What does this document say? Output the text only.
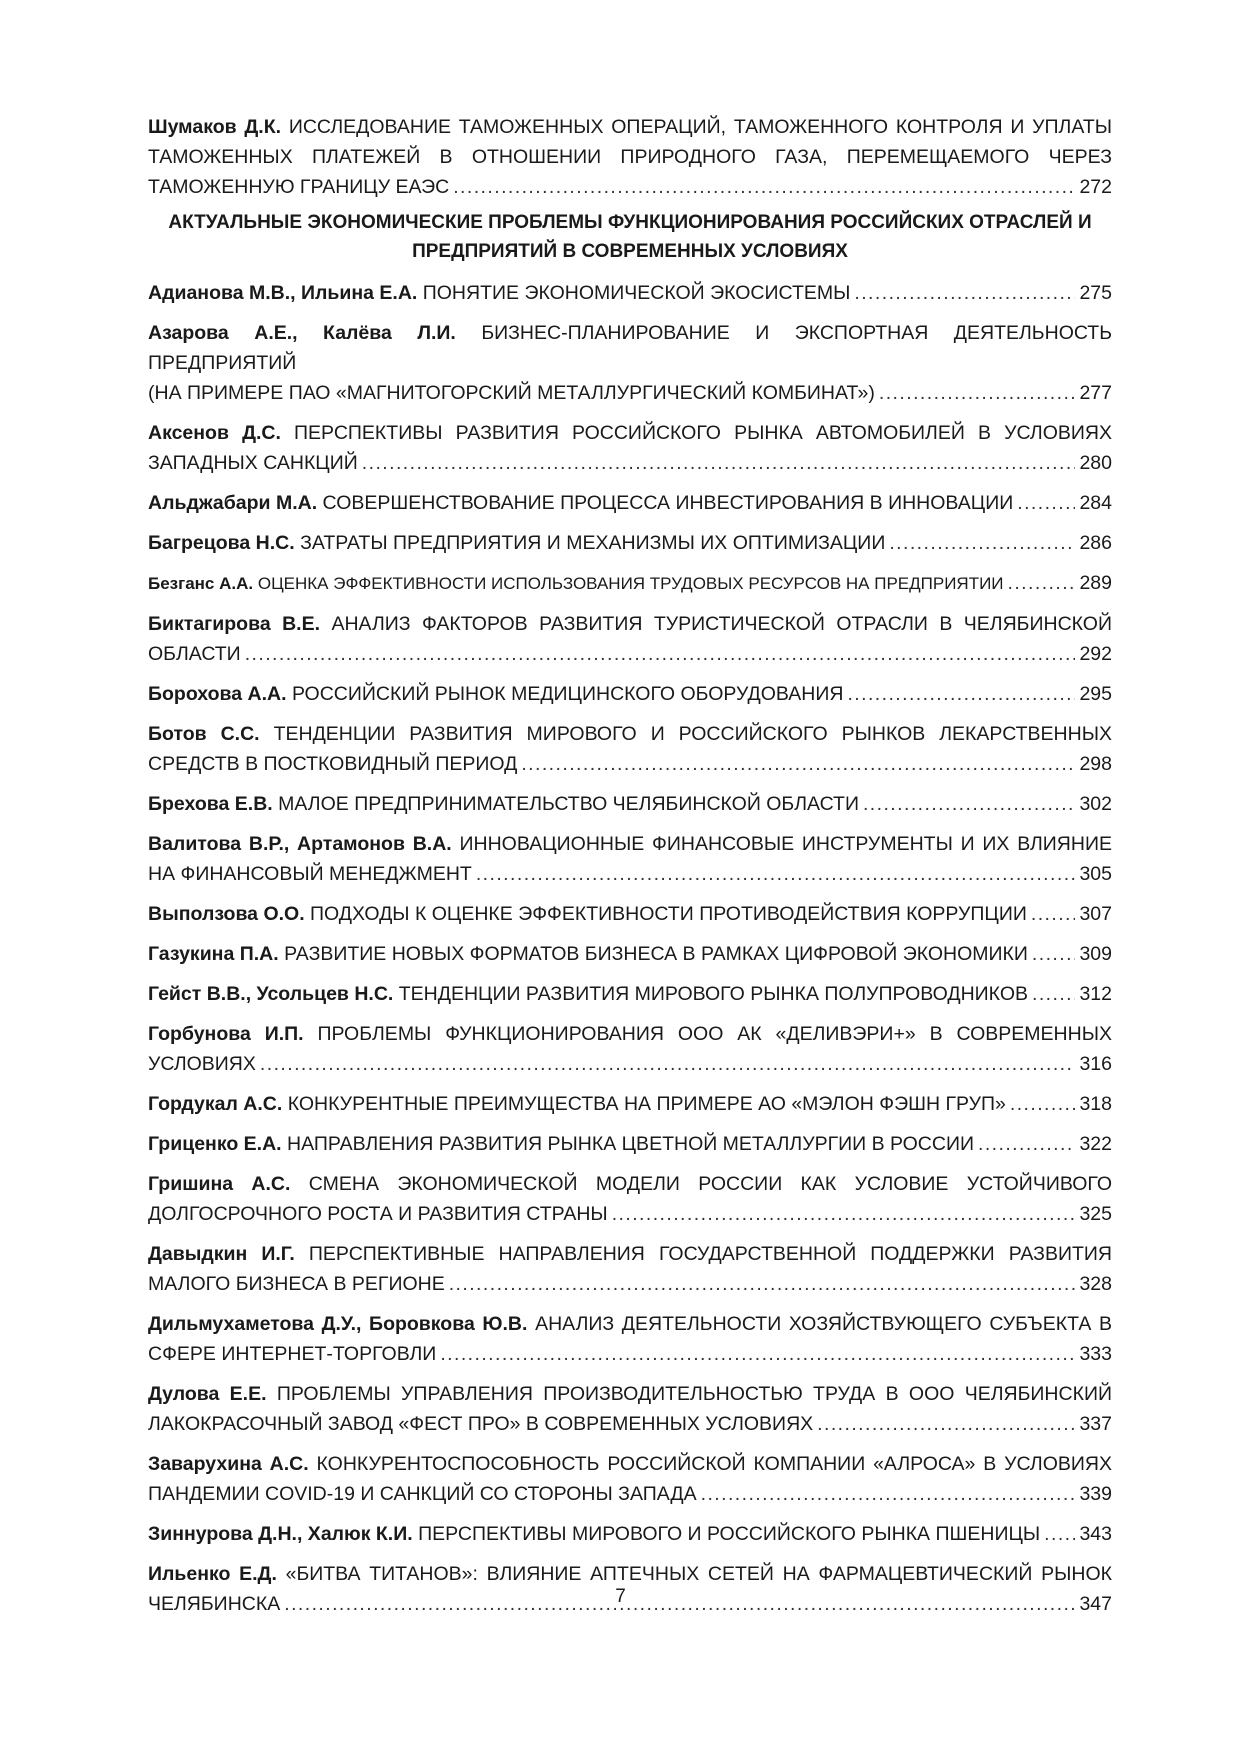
Шумаков Д.К. ИССЛЕДОВАНИЕ ТАМОЖЕННЫХ ОПЕРАЦИЙ, ТАМОЖЕННОГО КОНТРОЛЯ И УПЛАТЫ
ТАМОЖЕННЫХ ПЛАТЕЖЕЙ В ОТНОШЕНИИ ПРИРОДНОГО ГАЗА, ПЕРЕМЕЩАЕМОГО ЧЕРЕЗ
ТАМОЖЕННУЮ ГРАНИЦУ ЕАЭС . . .	272
АКТУАЛЬНЫЕ ЭКОНОМИЧЕСКИЕ ПРОБЛЕМЫ ФУНКЦИОНИРОВАНИЯ РОССИЙСКИХ ОТРАСЛЕЙ И
ПРЕДПРИЯТИЙ В СОВРЕМЕННЫХ УСЛОВИЯХ
Адианова М.В., Ильина Е.А. ПОНЯТИЕ ЭКОНОМИЧЕСКОЙ ЭКОСИСТЕМЫ . . .	275
Азарова А.Е., Калёва Л.И. БИЗНЕС-ПЛАНИРОВАНИЕ И ЭКСПОРТНАЯ ДЕЯТЕЛЬНОСТЬ ПРЕДПРИЯТИЙ
(НА ПРИМЕРЕ ПАО «МАГНИТОГОРСКИЙ МЕТАЛЛУРГИЧЕСКИЙ КОМБИНАТ») . . .	277
Аксенов Д.С. ПЕРСПЕКТИВЫ РАЗВИТИЯ РОССИЙСКОГО РЫНКА АВТОМОБИЛЕЙ В УСЛОВИЯХ
ЗАПАДНЫХ САНКЦИЙ . . .	280
Альджабари М.А. СОВЕРШЕНСТВОВАНИЕ ПРОЦЕССА ИНВЕСТИРОВАНИЯ В ИННОВАЦИИ . . .	284
Багрецова Н.С. ЗАТРАТЫ ПРЕДПРИЯТИЯ И МЕХАНИЗМЫ ИХ ОПТИМИЗАЦИИ . . .	286
Безганс А.А. ОЦЕНКА ЭФФЕКТИВНОСТИ ИСПОЛЬЗОВАНИЯ ТРУДОВЫХ РЕСУРСОВ НА ПРЕДПРИЯТИИ . . .	289
Биктагирова В.Е. АНАЛИЗ ФАКТОРОВ РАЗВИТИЯ ТУРИСТИЧЕСКОЙ ОТРАСЛИ В ЧЕЛЯБИНСКОЙ
ОБЛАСТИ . . .	292
Борохова А.А. РОССИЙСКИЙ РЫНОК МЕДИЦИНСКОГО ОБОРУДОВАНИЯ . . .	295
Ботов С.С. ТЕНДЕНЦИИ РАЗВИТИЯ МИРОВОГО И РОССИЙСКОГО РЫНКОВ ЛЕКАРСТВЕННЫХ
СРЕДСТВ В ПОСТКОВИДНЫЙ ПЕРИОД . . .	298
Брехова Е.В. МАЛОЕ ПРЕДПРИНИМАТЕЛЬСТВО ЧЕЛЯБИНСКОЙ ОБЛАСТИ . . .	302
Валитова В.Р., Артамонов В.А. ИННОВАЦИОННЫЕ ФИНАНСОВЫЕ ИНСТРУМЕНТЫ И ИХ ВЛИЯНИЕ
НА ФИНАНСОВЫЙ МЕНЕДЖМЕНТ . . .	305
Выползова О.О. ПОДХОДЫ К ОЦЕНКЕ ЭФФЕКТИВНОСТИ ПРОТИВОДЕЙСТВИЯ КОРРУПЦИИ . . .	307
Газукина П.А. РАЗВИТИЕ НОВЫХ ФОРМАТОВ БИЗНЕСА В РАМКАХ ЦИФРОВОЙ ЭКОНОМИКИ . . .	309
Гейст В.В., Усольцев Н.С. ТЕНДЕНЦИИ РАЗВИТИЯ МИРОВОГО РЫНКА ПОЛУПРОВОДНИКОВ . . .	312
Горбунова И.П. ПРОБЛЕМЫ ФУНКЦИОНИРОВАНИЯ ООО АК «ДЕЛИВЭРИ+» В СОВРЕМЕННЫХ
УСЛОВИЯХ . . .	316
Гордукал А.С. КОНКУРЕНТНЫЕ ПРЕИМУЩЕСТВА НА ПРИМЕРЕ АО «МЭЛОН ФЭШН ГРУП» . . .	318
Гриценко Е.А. НАПРАВЛЕНИЯ РАЗВИТИЯ РЫНКА ЦВЕТНОЙ МЕТАЛЛУРГИИ В РОССИИ . . .	322
Гришина А.С. СМЕНА ЭКОНОМИЧЕСКОЙ МОДЕЛИ РОССИИ КАК УСЛОВИЕ УСТОЙЧИВОГО
ДОЛГОСРОЧНОГО РОСТА И РАЗВИТИЯ СТРАНЫ . . .	325
Давыдкин И.Г. ПЕРСПЕКТИВНЫЕ НАПРАВЛЕНИЯ ГОСУДАРСТВЕННОЙ ПОДДЕРЖКИ РАЗВИТИЯ
МАЛОГО БИЗНЕСА В РЕГИОНЕ . . .	328
Дильмухаметова Д.У., Боровкова Ю.В. АНАЛИЗ ДЕЯТЕЛЬНОСТИ ХОЗЯЙСТВУЮЩЕГО СУБЪЕКТА В
СФЕРЕ ИНТЕРНЕТ-ТОРГОВЛИ . . .	333
Дулова Е.Е. ПРОБЛЕМЫ УПРАВЛЕНИЯ ПРОИЗВОДИТЕЛЬНОСТЬЮ ТРУДА В ООО ЧЕЛЯБИНСКИЙ
ЛАКОКРАСОЧНЫЙ ЗАВОД «ФЕСТ ПРО» В СОВРЕМЕННЫХ УСЛОВИЯХ . . .	337
Заварухина А.С. КОНКУРЕНТОСПОСОБНОСТЬ РОССИЙСКОЙ КОМПАНИИ «АЛРОСА» В УСЛОВИЯХ
ПАНДЕМИИ COVID-19 И САНКЦИЙ СО СТОРОНЫ ЗАПАДА . . .	339
Зиннурова Д.Н., Халюк К.И. ПЕРСПЕКТИВЫ МИРОВОГО И РОССИЙСКОГО РЫНКА ПШЕНИЦЫ . . . 343
Ильенко Е.Д. «БИТВА ТИТАНОВ»: ВЛИЯНИЕ АПТЕЧНЫХ СЕТЕЙ НА ФАРМАЦЕВТИЧЕСКИЙ РЫНОК
ЧЕЛЯБИНСКА . . .	347
7
